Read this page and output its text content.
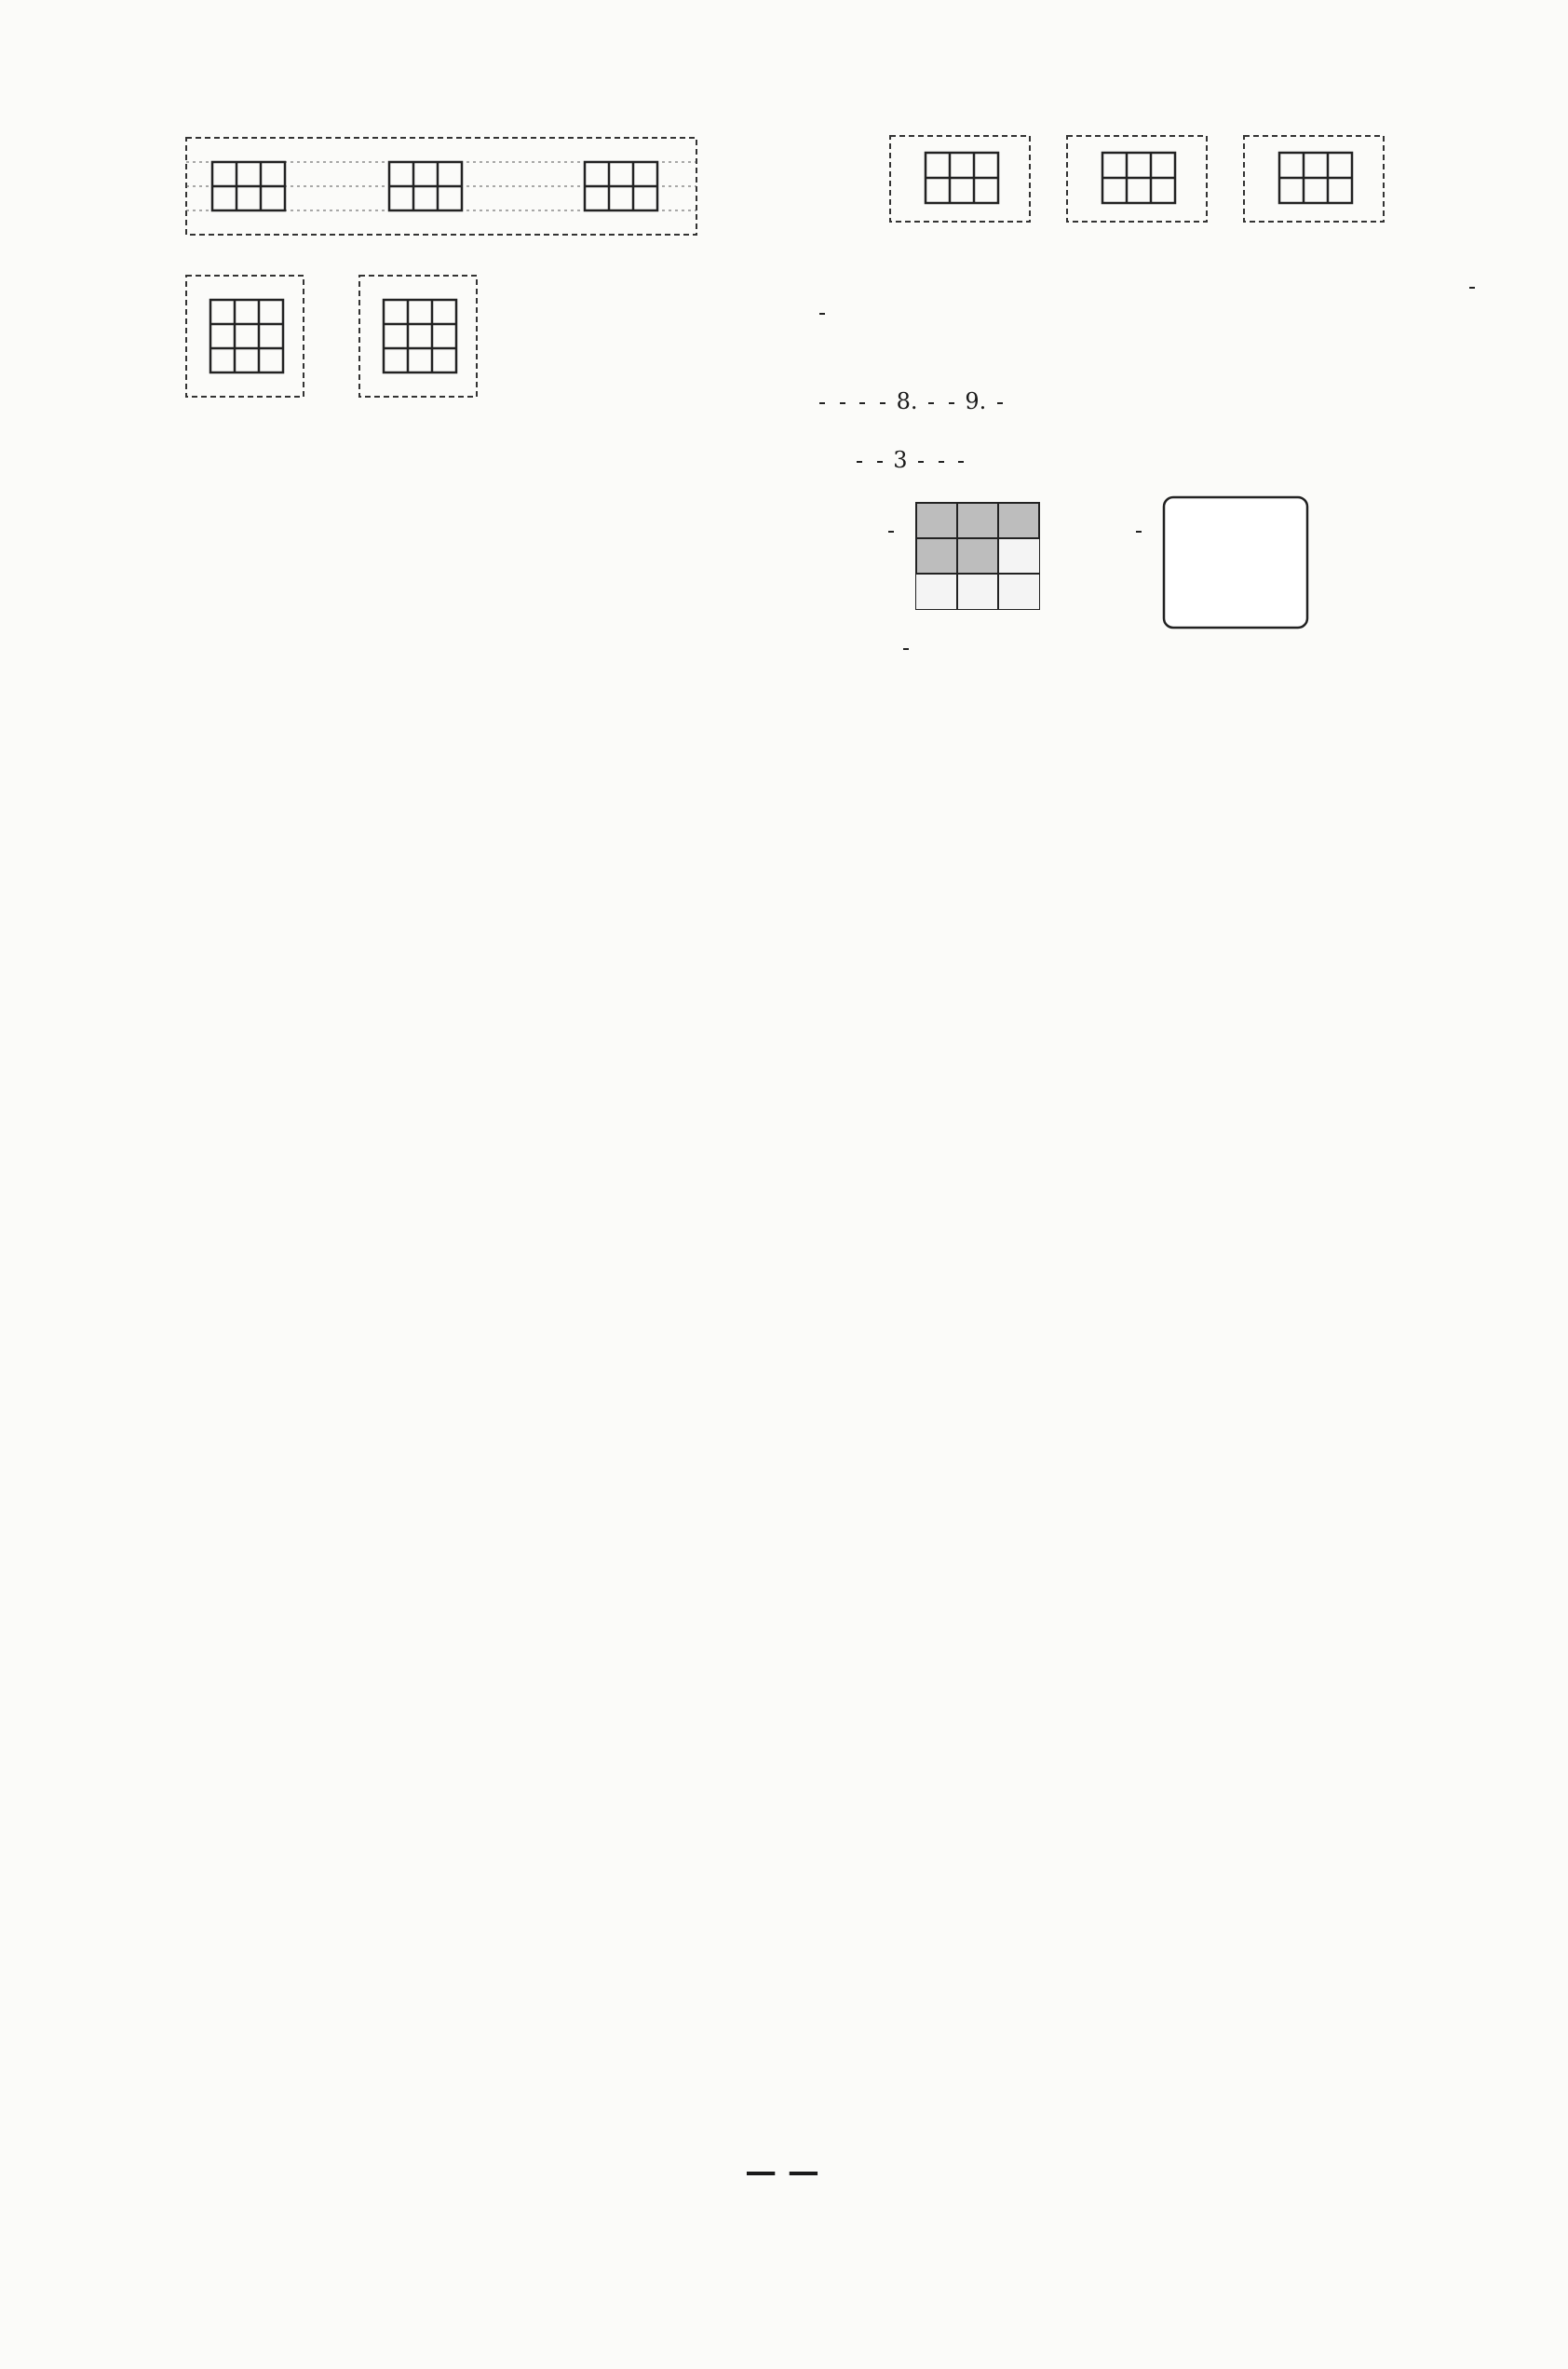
8.
9.

3

— —
